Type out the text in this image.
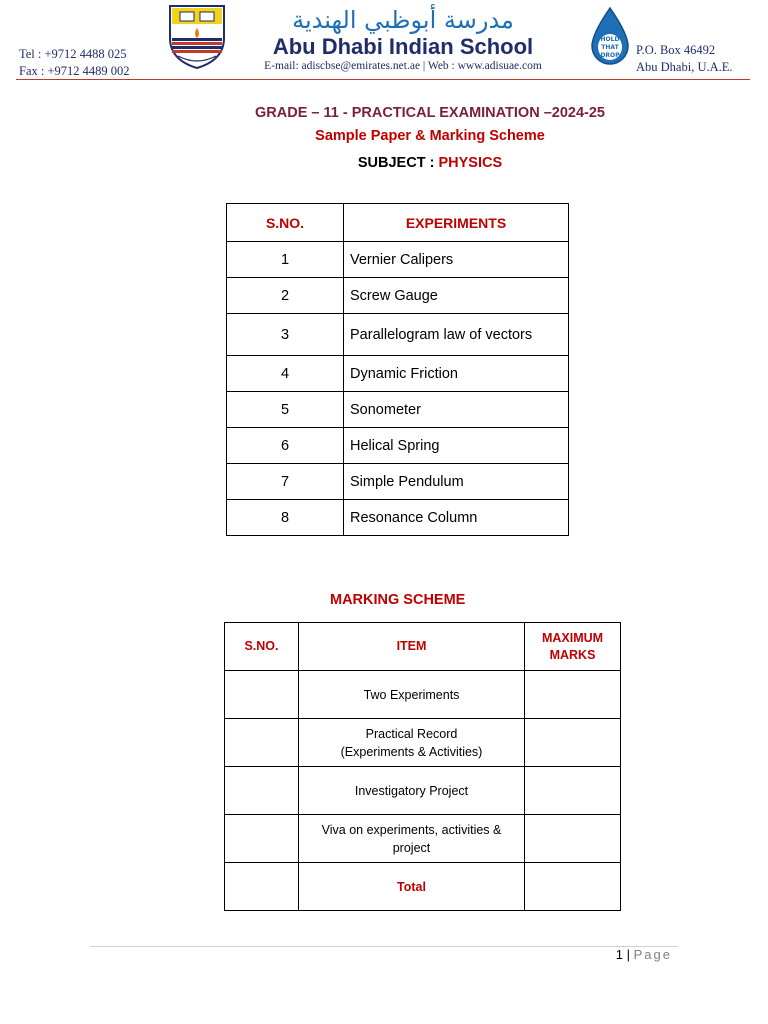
Tel : +9712 4488 025
Fax : +9712 4489 002
مدرسة أبوظبي الهندية
Abu Dhabi Indian School
E-mail: adiscbse@emirates.net.ae | Web : www.adisuae.com
HOLD
THAT
DROP P.O. Box 46492
Abu Dhabi, U.A.E.
GRADE – 11 - PRACTICAL EXAMINATION –2024-25
Sample Paper & Marking Scheme
SUBJECT : PHYSICS
S.NO.	EXPERIMENTS
1	Vernier Calipers
2	Screw Gauge
3	Parallelogram law of vectors
4	Dynamic Friction
5	Sonometer
6	Helical Spring
7	Simple Pendulum
8	Resonance Column
MARKING SCHEME
S.NO.	ITEM	MAXIMUM MARKS

	Two Experiments	

	Practical Record
(Experiments & Activities)	

	Investigatory Project	

	Viva on experiments, activities &
project	

	Total	
1 | Page
